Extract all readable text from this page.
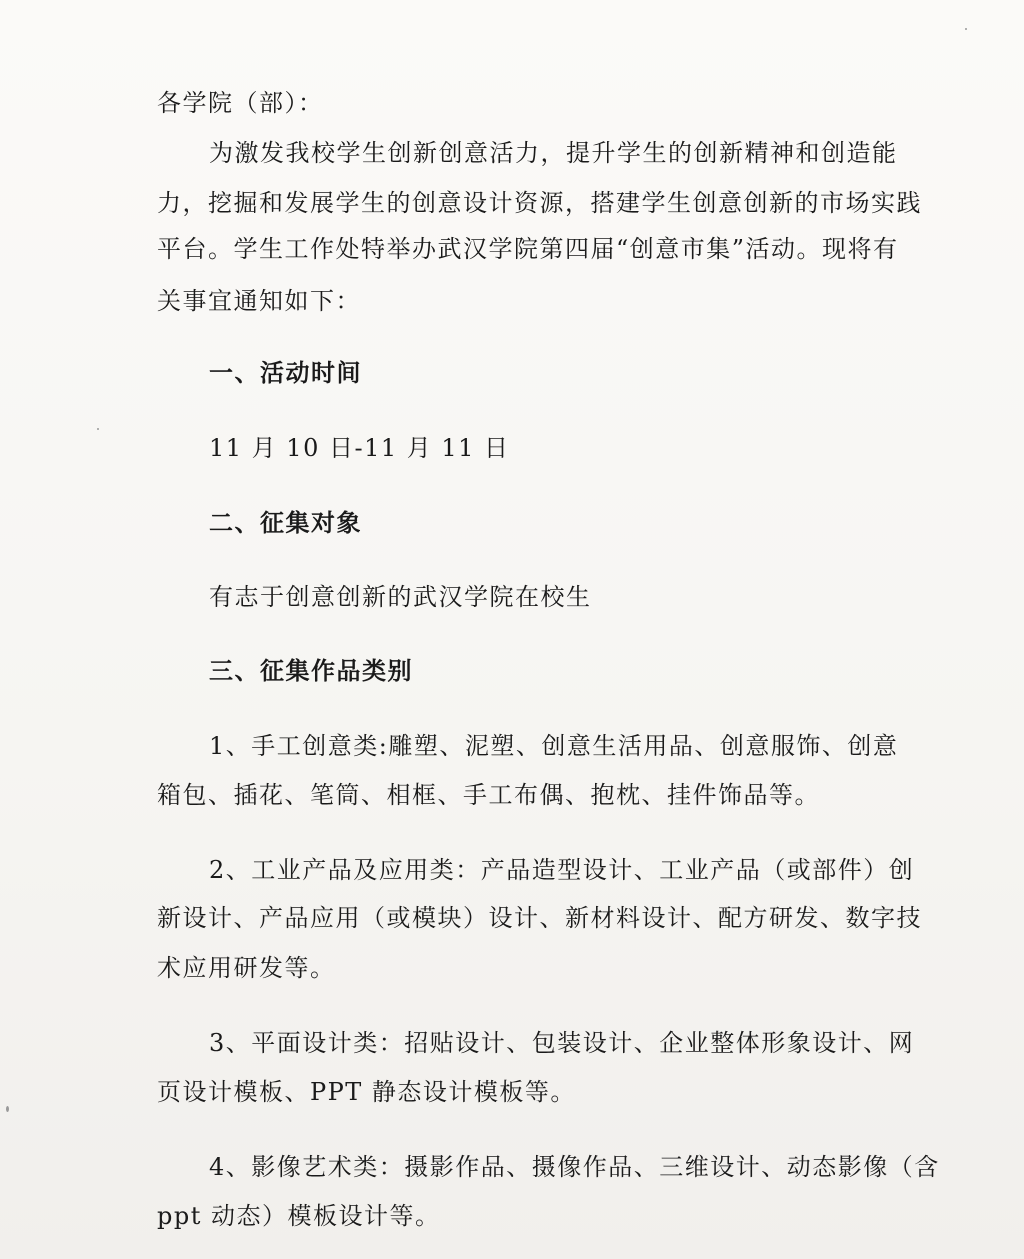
各学院（部）：
为激发我校学生创新创意活力，提升学生的创新精神和创造能
力，挖掘和发展学生的创意设计资源，搭建学生创意创新的市场实践
平台。学生工作处特举办武汉学院第四届“创意市集”活动。现将有
关事宜通知如下：
一、活动时间
11 月 10 日-11 月 11 日
二、征集对象
有志于创意创新的武汉学院在校生
三、征集作品类别
1、手工创意类:雕塑、泥塑、创意生活用品、创意服饰、创意
箱包、插花、笔筒、相框、手工布偶、抱枕、挂件饰品等。
2、工业产品及应用类：产品造型设计、工业产品（或部件）创
新设计、产品应用（或模块）设计、新材料设计、配方研发、数字技
术应用研发等。
3、平面设计类：招贴设计、包装设计、企业整体形象设计、网
页设计模板、PPT 静态设计模板等。
4、影像艺术类：摄影作品、摄像作品、三维设计、动态影像（含
ppt 动态）模板设计等。
